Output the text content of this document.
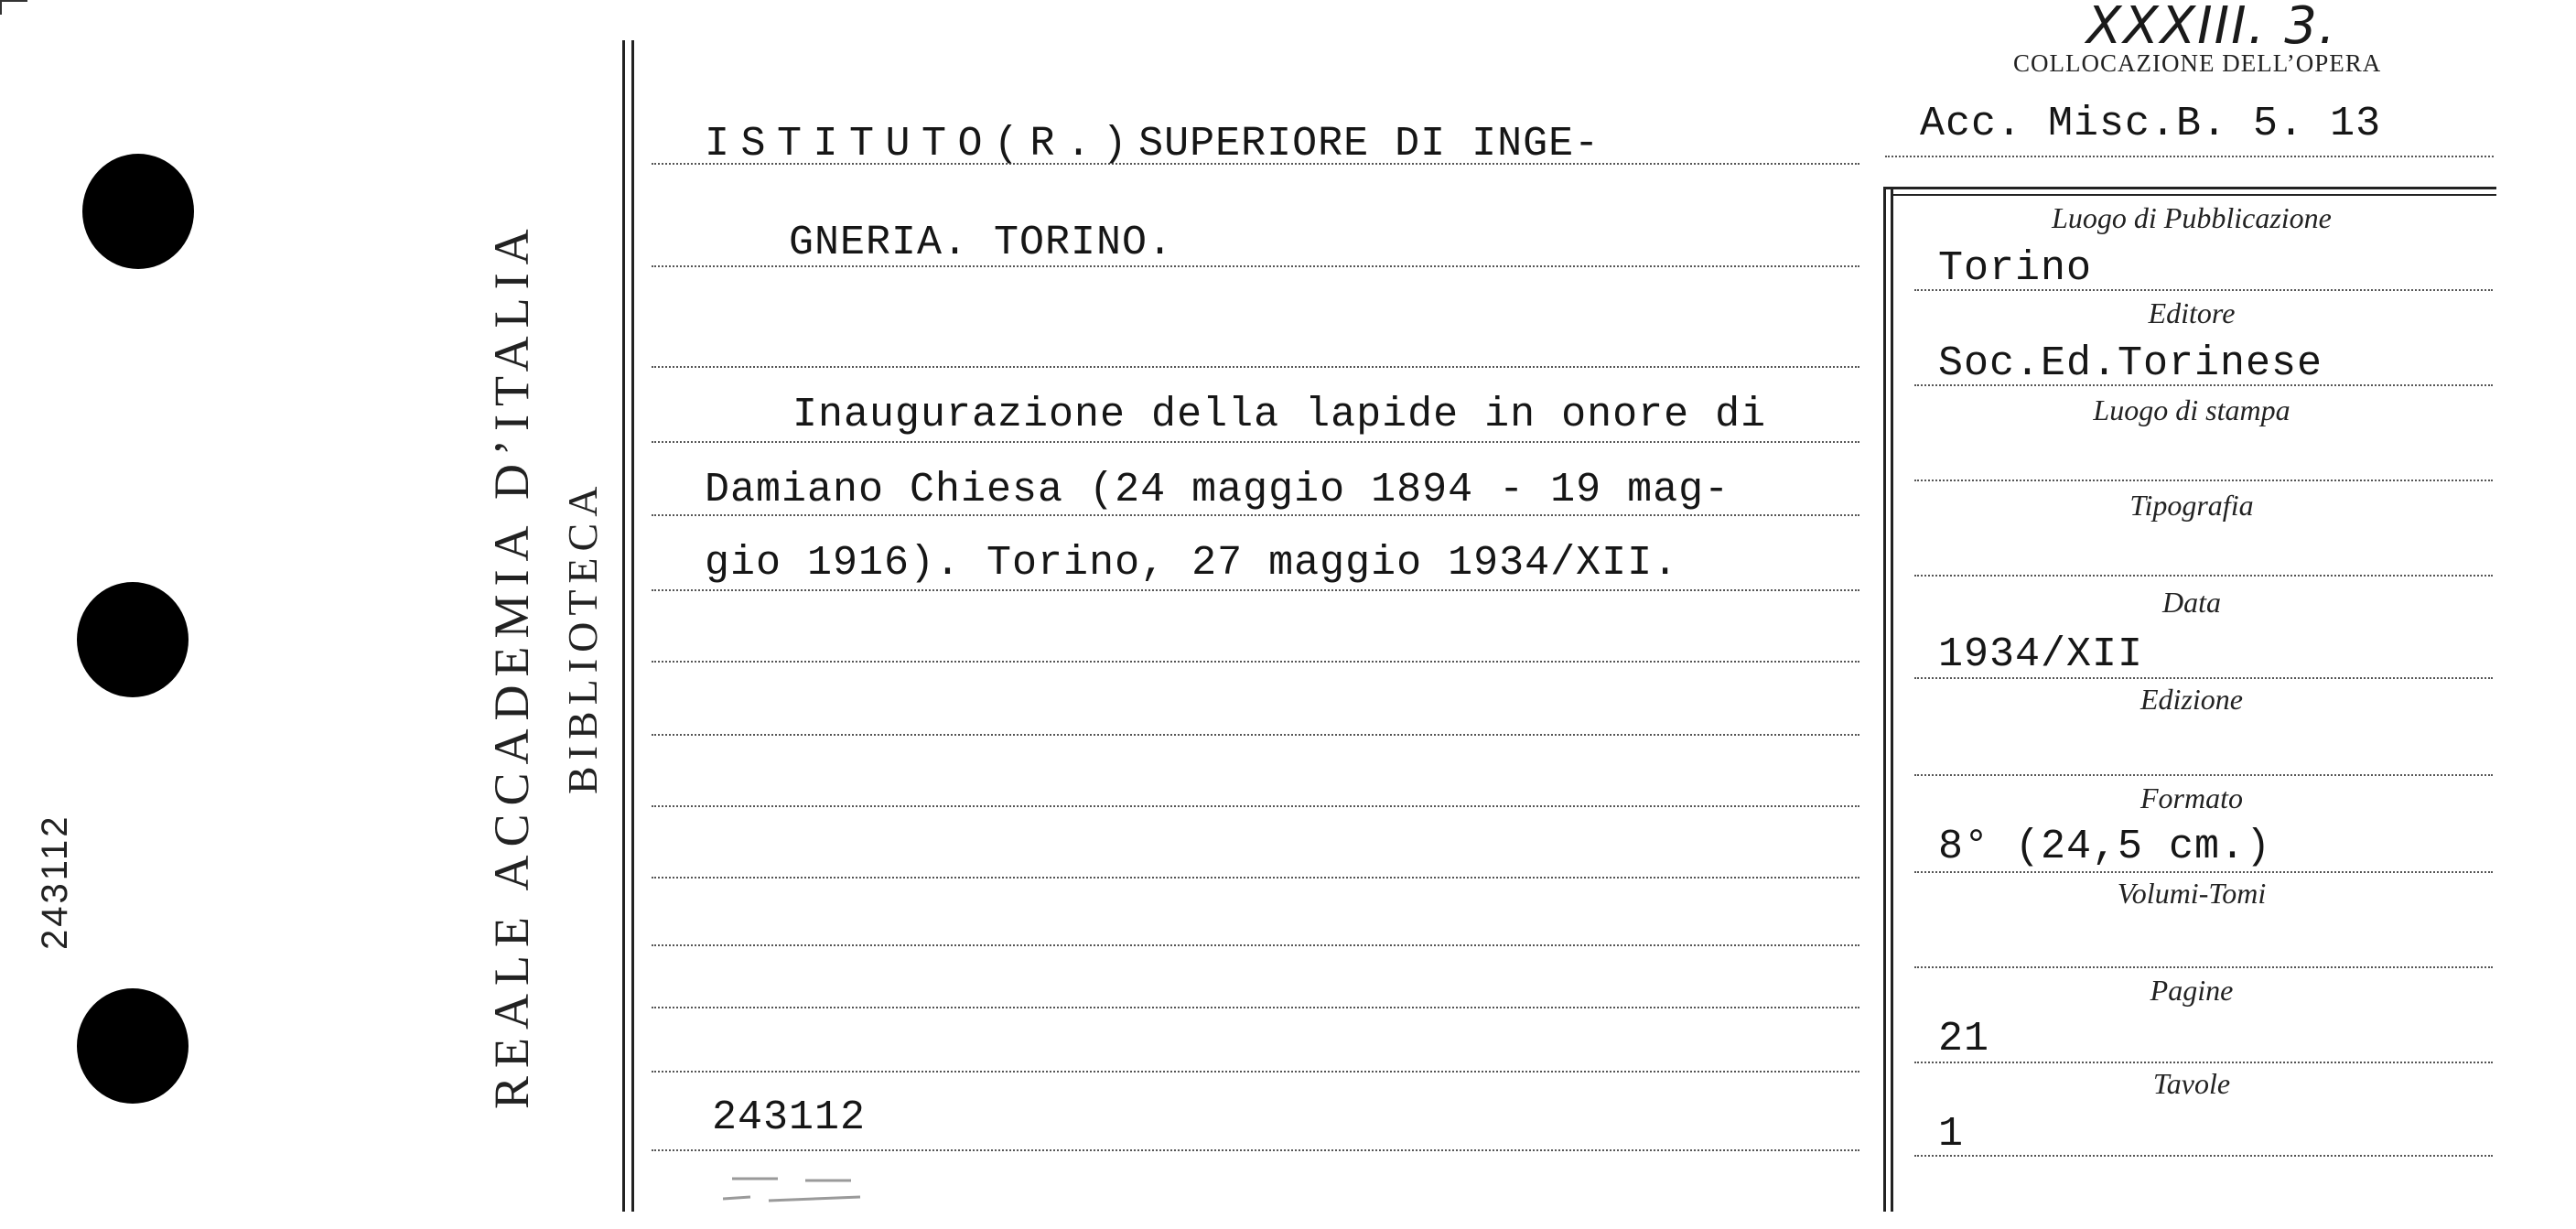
243112	REALE ACCADEMIA D’ITALIA BIBLIOTECA
XXXIII. 3.
COLLOCAZIONE DELL’OPERA
Acc. Misc.B. 5. 13
ISTITUTO(R.)SUPERIORE DI INGE-
GNERIA. TORINO.
Inaugurazione della lapide in onore di
Damiano Chiesa (24 maggio 1894 - 19 mag-
gio 1916). Torino, 27 maggio 1934/XII.
243112
Luogo di Pubblicazione
Torino
Editore
Soc.Ed.Torinese
Luogo di stampa
Tipografia
Data
1934/XII
Edizione
Formato
8° (24,5 cm.)
Volumi-Tomi
Pagine
21
Tavole
1
